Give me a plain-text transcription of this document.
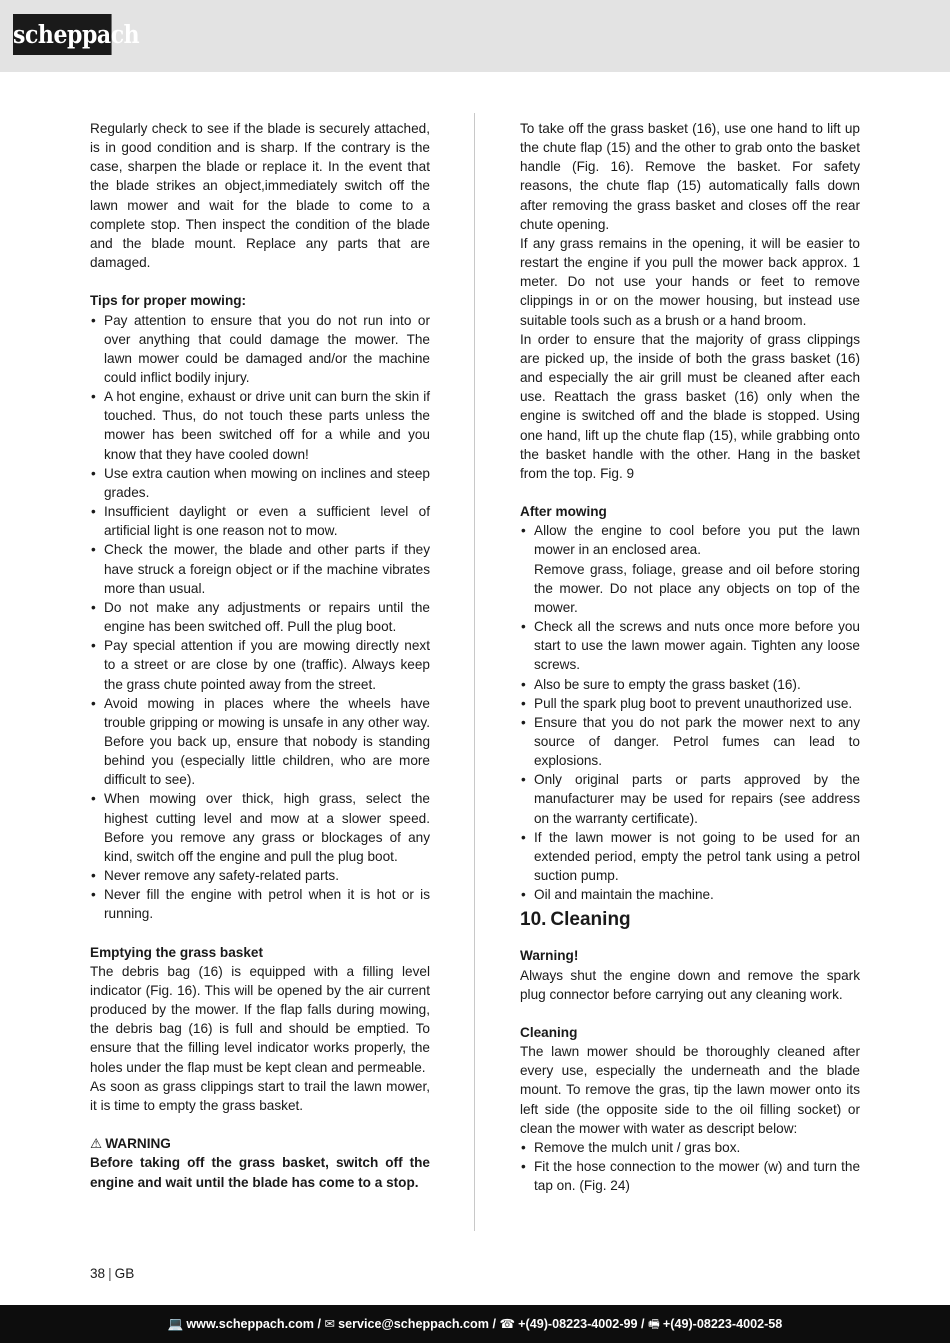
scheppach

Regularly check to see if the blade is securely attached, is in good condition and is sharp. If the contrary is the case, sharpen the blade or replace it. In the event that the blade strikes an object,immediately switch off the lawn mower and wait for the blade to come to a complete stop. Then inspect the condition of the blade and the blade mount. Replace any parts that are damaged.

Tips for proper mowing:
• Pay attention to ensure that you do not run into or over anything that could damage the mower. The lawn mower could be damaged and/or the machine could inflict bodily injury.
• A hot engine, exhaust or drive unit can burn the skin if touched. Thus, do not touch these parts unless the mower has been switched off for a while and you know that they have cooled down!
• Use extra caution when mowing on inclines and steep grades.
• Insufficient daylight or even a sufficient level of artificial light is one reason not to mow.
• Check the mower, the blade and other parts if they have struck a foreign object or if the machine vibrates more than usual.
• Do not make any adjustments or repairs until the engine has been switched off. Pull the plug boot.
• Pay special attention if you are mowing directly next to a street or are close by one (traffic). Always keep the grass chute pointed away from the street.
• Avoid mowing in places where the wheels have trouble gripping or mowing is unsafe in any other way. Before you back up, ensure that nobody is standing behind you (especially little children, who are more difficult to see).
• When mowing over thick, high grass, select the highest cutting level and mow at a slower speed. Before you remove any grass or blockages of any kind, switch off the engine and pull the plug boot.
• Never remove any safety-related parts.
• Never fill the engine with petrol when it is hot or is running.
Emptying the grass basket

The debris bag (16) is equipped with a filling level indicator (Fig. 16). This will be opened by the air current produced by the mower. If the flap falls during mowing, the debris bag (16) is full and should be emptied. To ensure that the filling level indicator works properly, the holes under the flap must be kept clean and permeable.

As soon as grass clippings start to trail the lawn mower, it is time to empty the grass basket.

⚠ WARNING

Before taking off the grass basket, switch off the engine and wait until the blade has come to a stop.

To take off the grass basket (16), use one hand to lift up the chute flap (15) and the other to grab onto the basket handle (Fig. 16). Remove the basket. For safety reasons, the chute flap (15) automatically falls down after removing the grass basket and closes off the rear chute opening.

If any grass remains in the opening, it will be easier to restart the engine if you pull the mower back approx. 1 meter. Do not use your hands or feet to remove clippings in or on the mower housing, but instead use suitable tools such as a brush or a hand broom.

In order to ensure that the majority of grass clippings are picked up, the inside of both the grass basket (16) and especially the air grill must be cleaned after each use. Reattach the grass basket (16) only when the engine is switched off and the blade is stopped. Using one hand, lift up the chute flap (15), while grabbing onto the basket handle with the other. Hang in the basket from the top. Fig. 9

After mowing
• Allow the engine to cool before you put the lawn mower in an enclosed area.
Remove grass, foliage, grease and oil before storing the mower. Do not place any objects on top of the mower.
• Check all the screws and nuts once more before you start to use the lawn mower again. Tighten any loose screws.
• Also be sure to empty the grass basket (16).
• Pull the spark plug boot to prevent unauthorized use.
• Ensure that you do not park the mower next to any source of danger. Petrol fumes can lead to explosions.
• Only original parts or parts approved by the manufacturer may be used for repairs (see address on the warranty certificate).
• If the lawn mower is not going to be used for an extended period, empty the petrol tank using a petrol suction pump.
• Oil and maintain the machine.
10. Cleaning
Warning!

Always shut the engine down and remove the spark plug connector before carrying out any cleaning work.

Cleaning

The lawn mower should be thoroughly cleaned after every use, especially the underneath and the blade mount. To remove the gras, tip the lawn mower onto its left side (the opposite side to the oil filling socket) or clean the mower with water as descript below:

• Remove the mulch unit / gras box.
• Fit the hose connection to the mower (w) and turn the tap on. (Fig. 24)
38 | GB
💻 www.scheppach.com / ✉ service@scheppach.com / ☎ +(49)-08223-4002-99 / 🖷 +(49)-08223-4002-58
